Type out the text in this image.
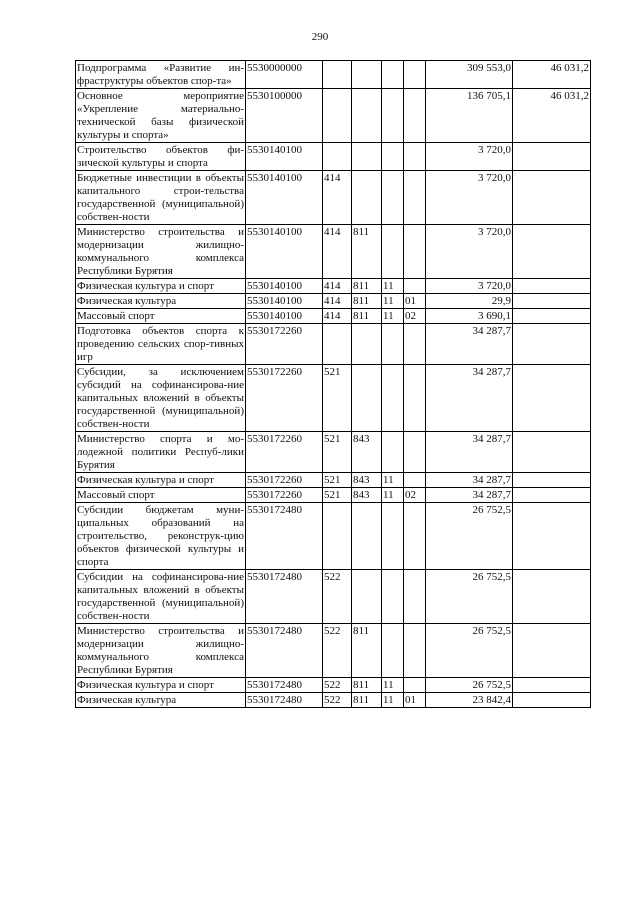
290
Подпрограмма «Развитие ин-фраструктуры объектов спор-та»	5530000000					309 553,0	46 031,2
Основное мероприятие «Укрепление материально-технической базы физической культуры и спорта»	5530100000					136 705,1	46 031,2
Строительство объектов фи-зической культуры и спорта	5530140100					3 720,0	
Бюджетные инвестиции в объекты капитального строи-тельства государственной (муниципальной) собствен-ности	5530140100	414				3 720,0	
Министерство строительства и модернизации жилищно-коммунального комплекса Республики Бурятия	5530140100	414	811			3 720,0	
Физическая культура и спорт	5530140100	414	811	11		3 720,0	
Физическая культура	5530140100	414	811	11	01	29,9	
Массовый спорт	5530140100	414	811	11	02	3 690,1	
Подготовка объектов спорта к проведению сельских спор-тивных игр	5530172260					34 287,7	
Субсидии, за исключением субсидий на софинансирова-ние капитальных вложений в объекты государственной (муниципальной) собствен-ности	5530172260	521				34 287,7	
Министерство спорта и мо-лодежной политики Респуб-лики Бурятия	5530172260	521	843			34 287,7	
Физическая культура и спорт	5530172260	521	843	11		34 287,7	
Массовый спорт	5530172260	521	843	11	02	34 287,7	
Субсидии бюджетам муни-ципальных образований на строительство, реконструк-цию объектов физической культуры и спорта	5530172480					26 752,5	
Субсидии на софинансирова-ние капитальных вложений в объекты государственной (муниципальной) собствен-ности	5530172480	522				26 752,5	
Министерство строительства и модернизации жилищно-коммунального комплекса Республики Бурятия	5530172480	522	811			26 752,5	
Физическая культура и спорт	5530172480	522	811	11		26 752,5	
Физическая культура	5530172480	522	811	11	01	23 842,4	
